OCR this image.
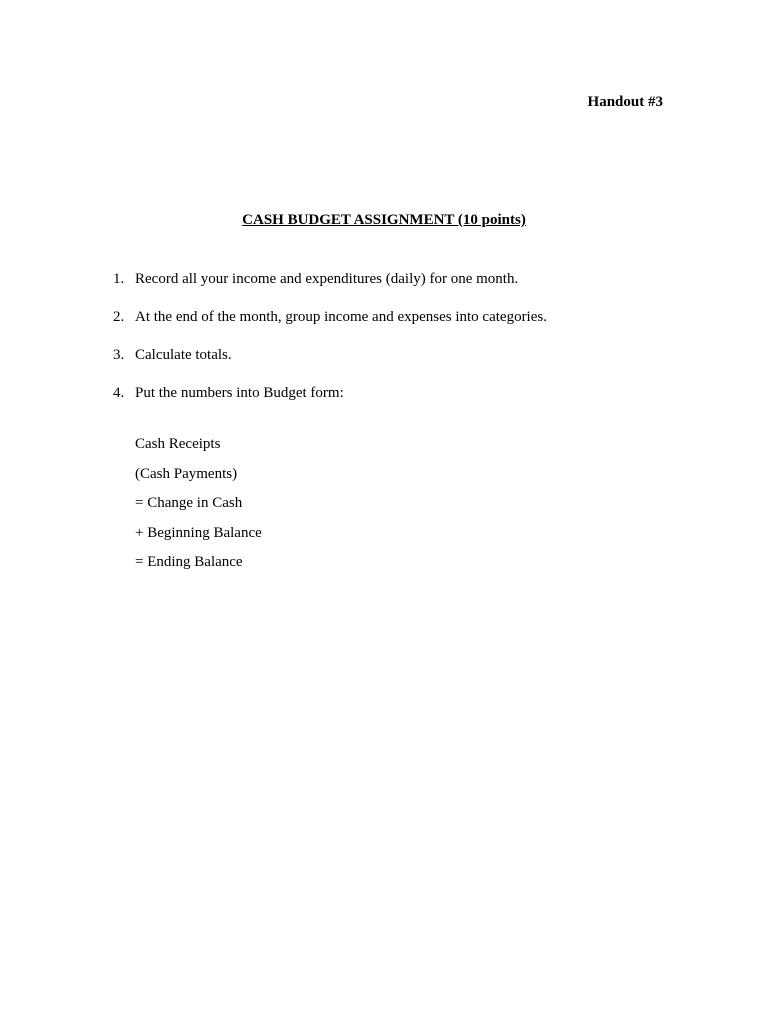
Handout #3
CASH BUDGET ASSIGNMENT (10 points)
1. Record all your income and expenditures (daily) for one month.
2. At the end of the month, group income and expenses into categories.
3. Calculate totals.
4. Put the numbers into Budget form:
Cash Receipts
(Cash Payments)
= Change in Cash
+ Beginning Balance
= Ending Balance
